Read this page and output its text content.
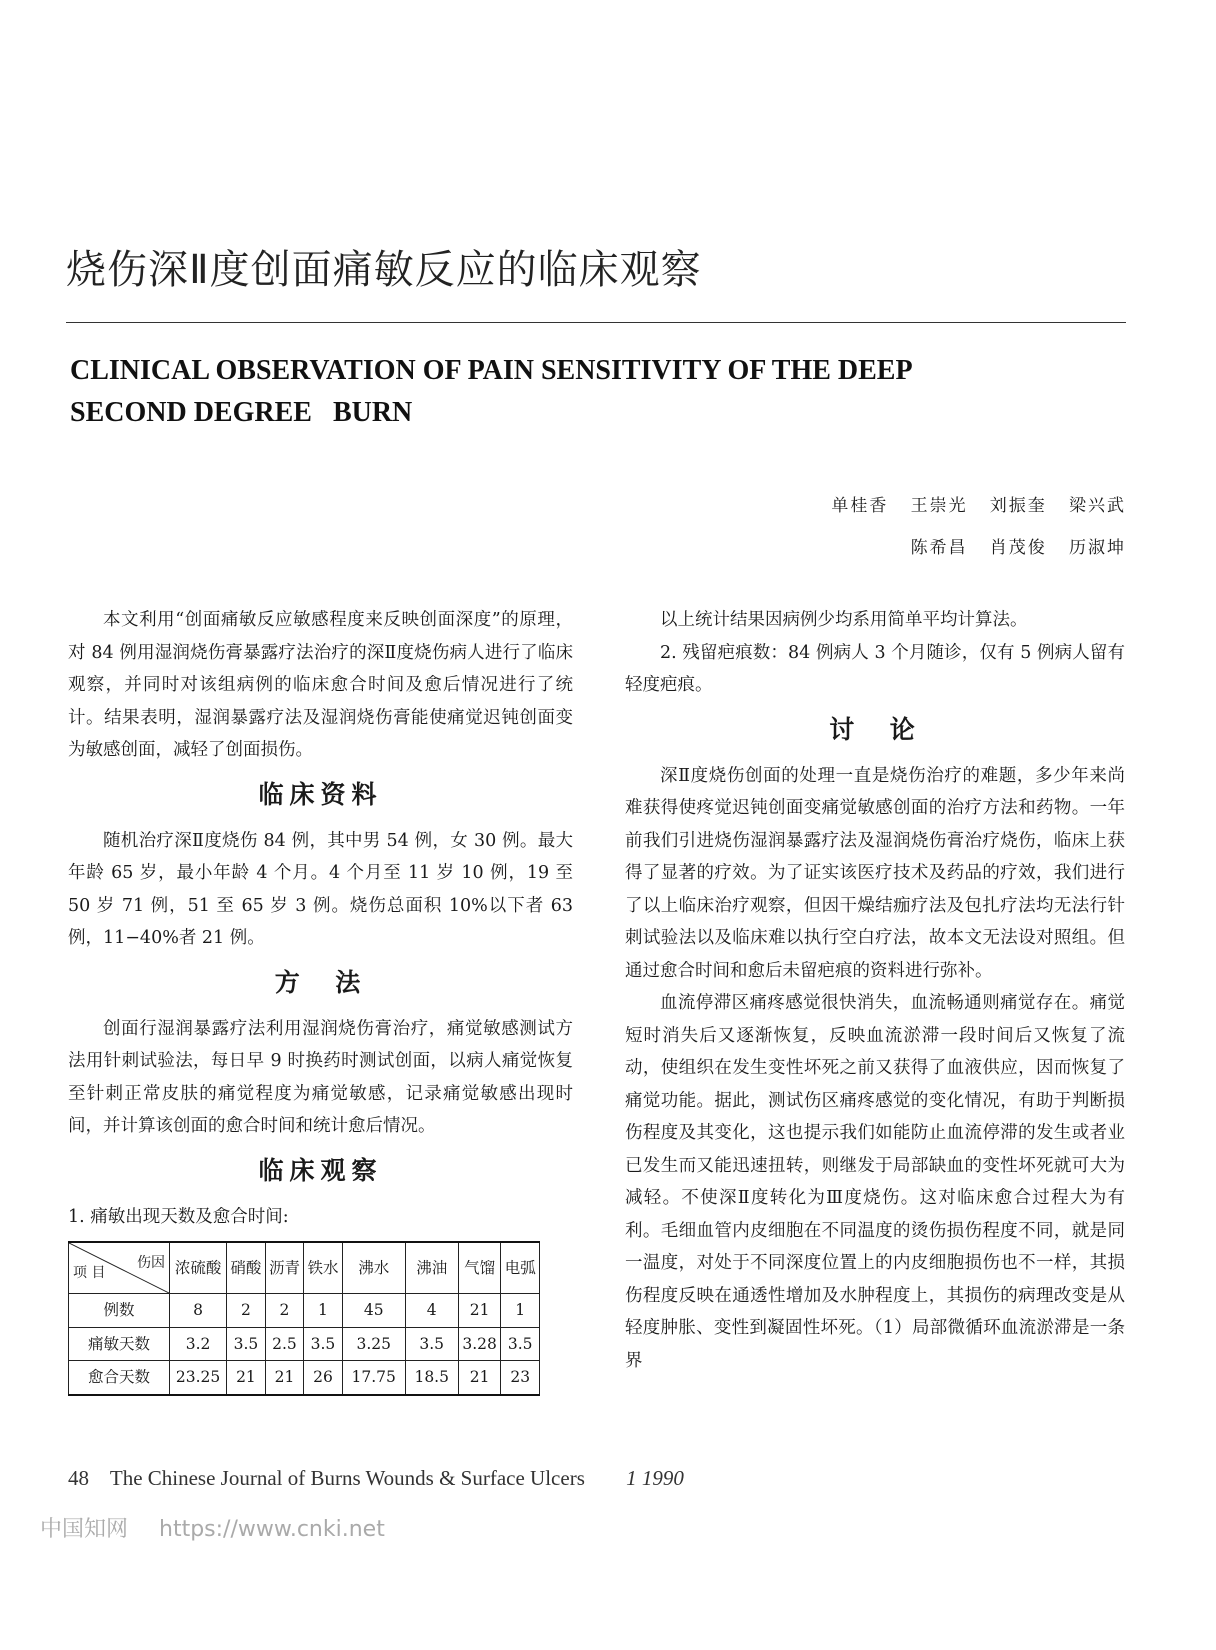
烧伤深Ⅱ度创面痛敏反应的临床观察
CLINICAL OBSERVATION OF PAIN SENSITIVITY OF THE DEEP
SECOND DEGREE   BURN
单桂香   王崇光   刘振奎   梁兴武
陈希昌   肖茂俊   历淑坤

本文利用“创面痛敏反应敏感程度来反映创面深度”的原理，对 84 例用湿润烧伤膏暴露疗法治疗的深Ⅱ度烧伤病人进行了临床观察，并同时对该组病例的临床愈合时间及愈后情况进行了统计。结果表明，湿润暴露疗法及湿润烧伤膏能使痛觉迟钝创面变为敏感创面，减轻了创面损伤。

临床资料

随机治疗深Ⅱ度烧伤 84 例，其中男 54 例，女 30 例。最大年龄 65 岁，最小年龄 4 个月。4 个月至 11 岁 10 例，19 至 50 岁 71 例，51 至 65 岁 3 例。烧伤总面积 10%以下者 63 例，11−40%者 21 例。

方  法

创面行湿润暴露疗法利用湿润烧伤膏治疗，痛觉敏感测试方法用针刺试验法，每日早 9 时换药时测试创面，以病人痛觉恢复至针刺正常皮肤的痛觉程度为痛觉敏感，记录痛觉敏感出现时间，并计算该创面的愈合时间和统计愈后情况。

临床观察

1. 痛敏出现天数及愈合时间:

伤因
项 目	浓硫酸	硝酸	沥青	铁水	沸水	沸油	气馏	电弧
例数	8	2	2	1	45	4	21	1
痛敏天数	3.2	3.5	2.5	3.5	3.25	3.5	3.28	3.5
愈合天数	23.25	21	21	26	17.75	18.5	21	23

以上统计结果因病例少均系用简单平均计算法。

2. 残留疤痕数：84 例病人 3 个月随诊，仅有 5 例病人留有轻度疤痕。

讨  论

深Ⅱ度烧伤创面的处理一直是烧伤治疗的难题，多少年来尚难获得使疼觉迟钝创面变痛觉敏感创面的治疗方法和药物。一年前我们引进烧伤湿润暴露疗法及湿润烧伤膏治疗烧伤，临床上获得了显著的疗效。为了证实该医疗技术及药品的疗效，我们进行了以上临床治疗观察，但因干燥结痂疗法及包扎疗法均无法行针刺试验法以及临床难以执行空白疗法，故本文无法设对照组。但通过愈合时间和愈后未留疤痕的资料进行弥补。

血流停滞区痛疼感觉很快消失，血流畅通则痛觉存在。痛觉短时消失后又逐渐恢复，反映血流淤滞一段时间后又恢复了流动，使组织在发生变性坏死之前又获得了血液供应，因而恢复了痛觉功能。据此，测试伤区痛疼感觉的变化情况，有助于判断损伤程度及其变化，这也提示我们如能防止血流停滞的发生或者业已发生而又能迅速扭转，则继发于局部缺血的变性坏死就可大为减轻。不使深Ⅱ度转化为Ⅲ度烧伤。这对临床愈合过程大为有利。毛细血管内皮细胞在不同温度的烫伤损伤程度不同，就是同一温度，对处于不同深度位置上的内皮细胞损伤也不一样，其损伤程度反映在通透性增加及水肿程度上，其损伤的病理改变是从轻度肿胀、变性到凝固性坏死。（1）局部微循环血流淤滞是一条界

48 The Chinese Journal of Burns Wounds & Surface Ulcers 1 1990
中国知网 https://www.cnki.net
